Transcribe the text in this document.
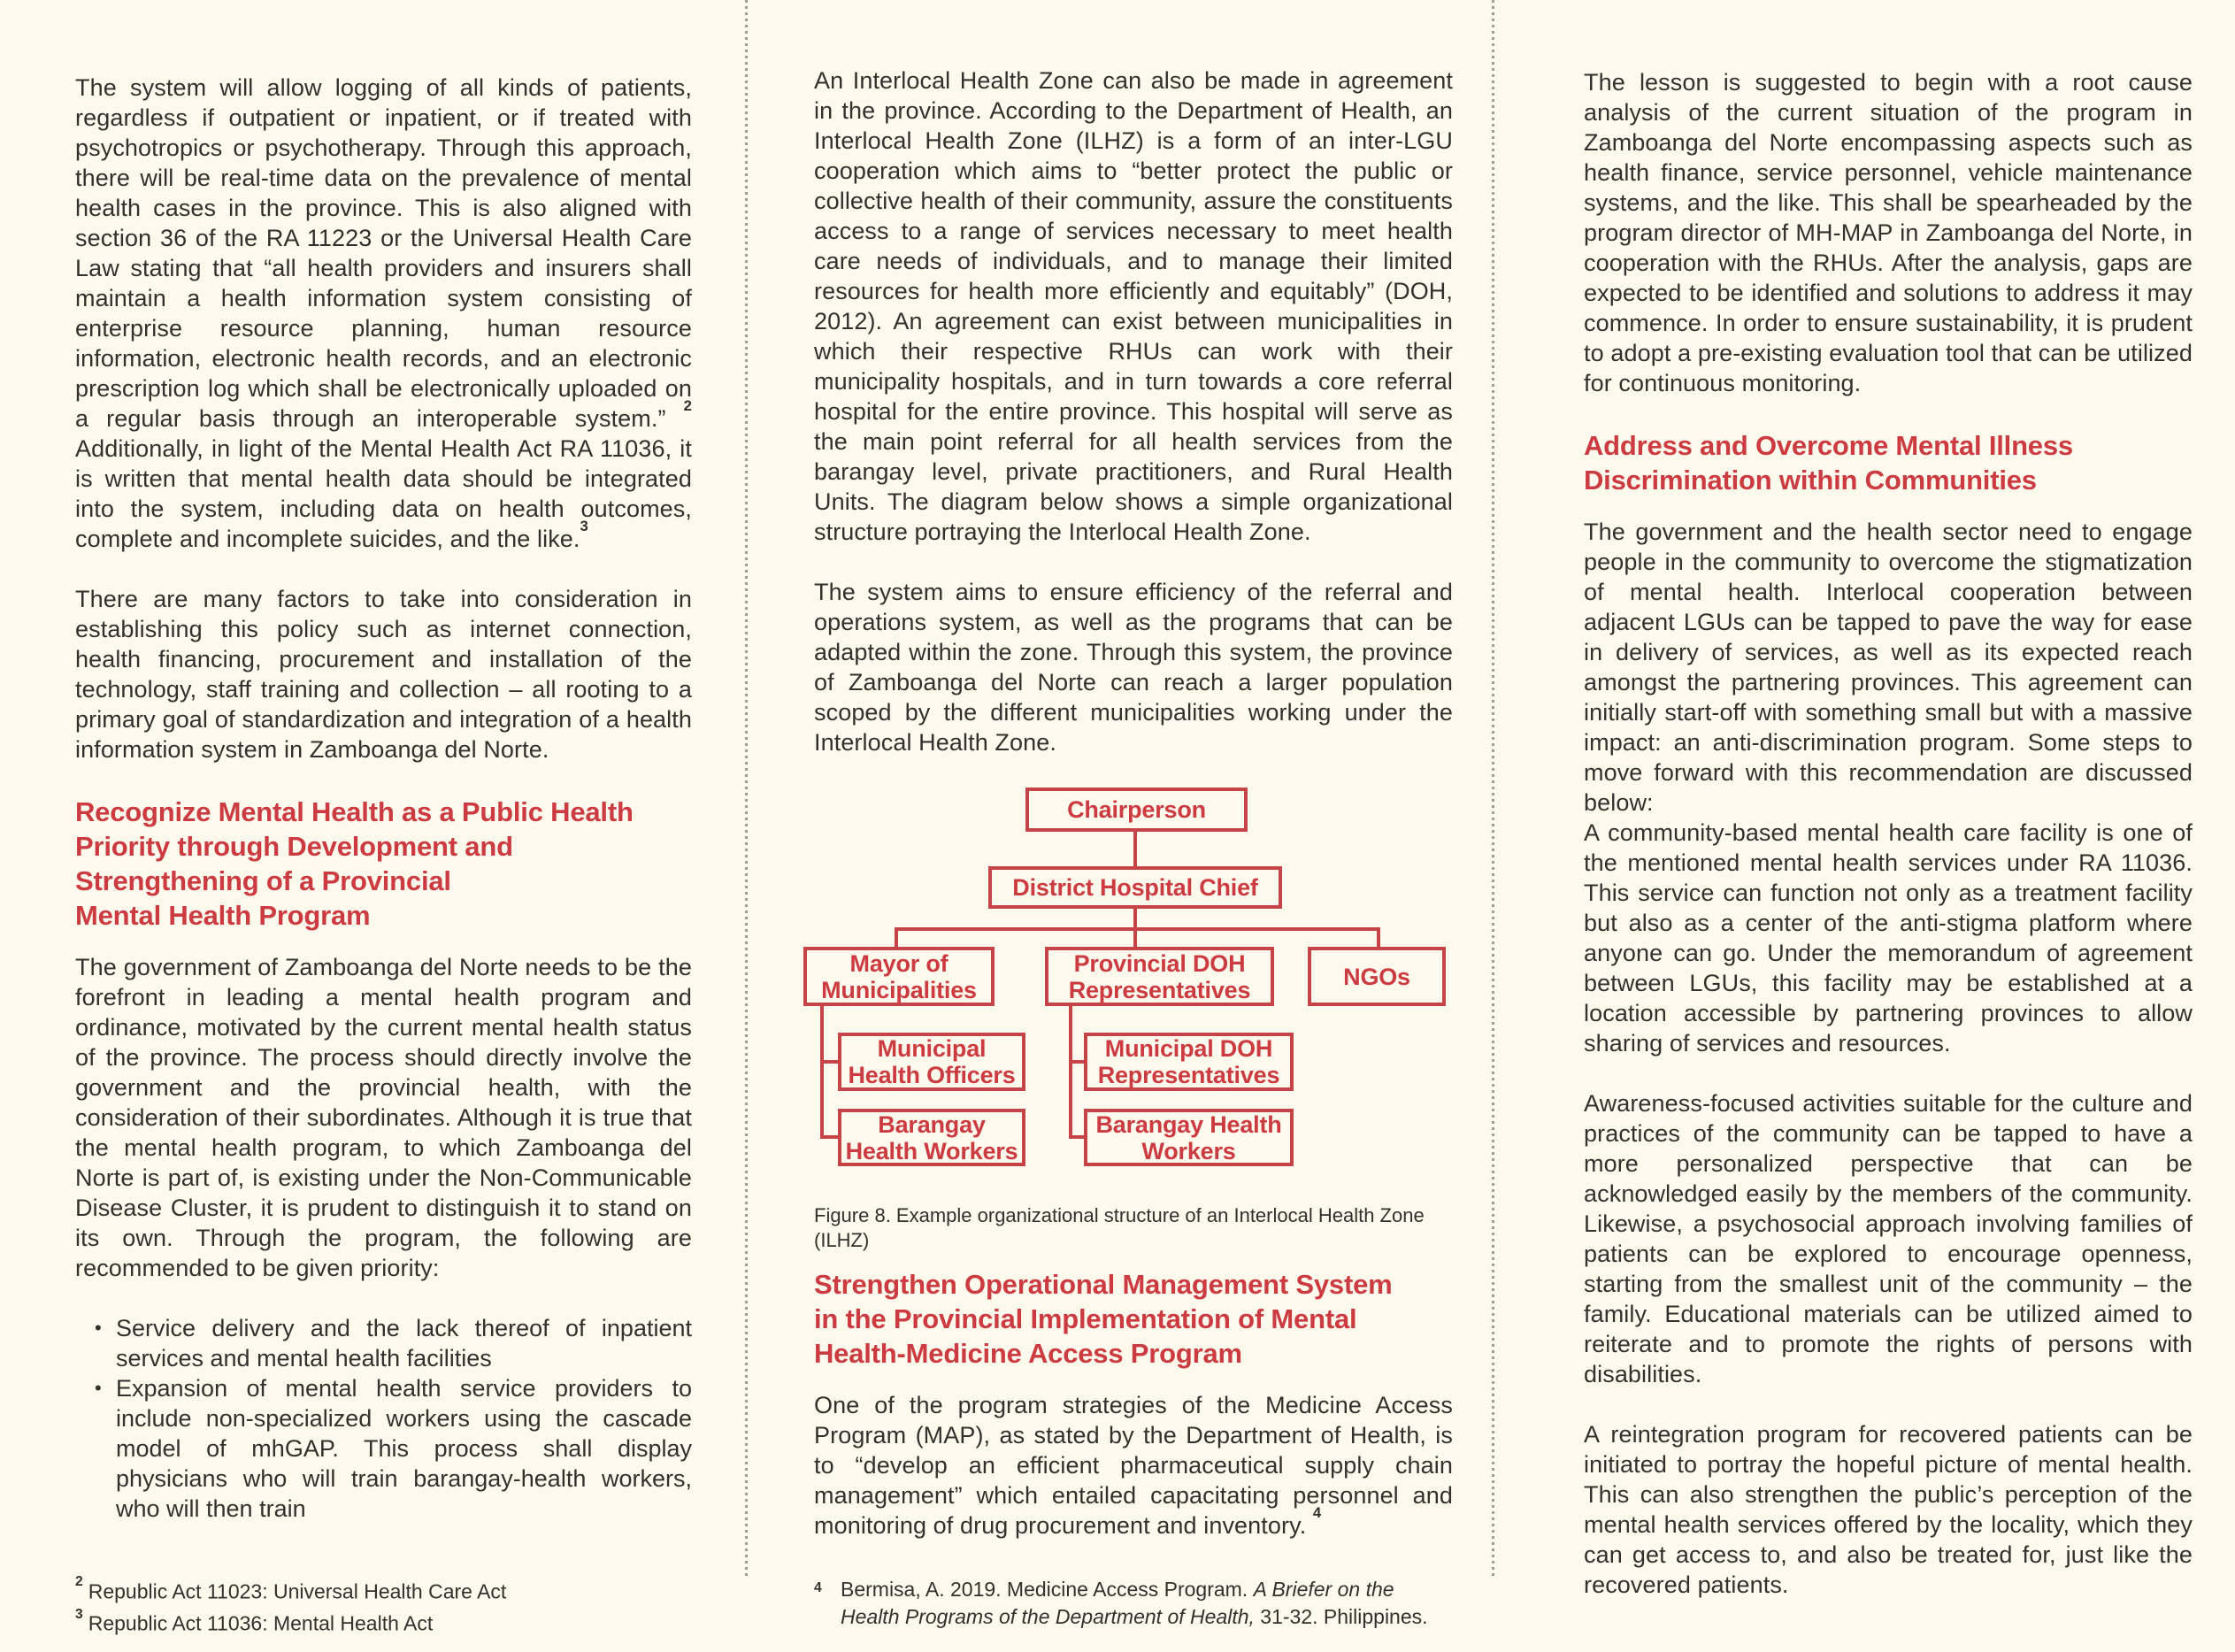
The system will allow logging of all kinds of patients, regardless if outpatient or inpatient, or if treated with psychotropics or psychotherapy. Through this approach, there will be real-time data on the prevalence of mental health cases in the province. This is also aligned with section 36 of the RA 11223 or the Universal Health Care Law stating that “all health providers and insurers shall maintain a health information system consisting of enterprise resource planning, human resource information, electronic health records, and an electronic prescription log which shall be electronically uploaded on a regular basis through an interoperable system.” $^2$ Additionally, in light of the Mental Health Act RA 11036, it is written that mental health data should be integrated into the system, including data on health outcomes, complete and incomplete suicides, and the like.$^3$

There are many factors to take into consideration in establishing this policy such as internet connection, health financing, procurement and installation of the technology, staff training and collection – all rooting to a primary goal of standardization and integration of a health information system in Zamboanga del Norte.

Recognize Mental Health as a Public Health
Priority through Development and
Strengthening of a Provincial
Mental Health Program

The government of Zamboanga del Norte needs to be the forefront in leading a mental health program and ordinance, motivated by the current mental health status of the province. The process should directly involve the government and the provincial health, with the consideration of their subordinates. Although it is true that the mental health program, to which Zamboanga del Norte is part of, is existing under the Non-Communicable Disease Cluster, it is prudent to distinguish it to stand on its own. Through the program, the following are recommended to be given priority:

• Service delivery and the lack thereof of inpatient services and mental health facilities
• Expansion of mental health service providers to include non-specialized workers using the cascade model of mhGAP. This process shall display physicians who will train barangay-health workers, who will then train
$^2$ Republic Act 11023: Universal Health Care Act
$^3$ Republic Act 11036: Mental Health Act

An Interlocal Health Zone can also be made in agreement in the province. According to the Department of Health, an Interlocal Health Zone (ILHZ) is a form of an inter-LGU cooperation which aims to “better protect the public or collective health of their community, assure the constituents access to a range of services necessary to meet health care needs of individuals, and to manage their limited resources for health more efficiently and equitably” (DOH, 2012). An agreement can exist between municipalities in which their respective RHUs can work with their municipality hospitals, and in turn towards a core referral hospital for the entire province. This hospital will serve as the main point referral for all health services from the barangay level, private practitioners, and Rural Health Units. The diagram below shows a simple organizational structure portraying the Interlocal Health Zone.

The system aims to ensure efficiency of the referral and operations system, as well as the programs that can be adapted within the zone. Through this system, the province of Zamboanga del Norte can reach a larger population scoped by the different municipalities working under the Interlocal Health Zone.

Chairperson
District Hospital Chief
Mayor of Municipalities
Provincial DOH Representatives	NGOs
Municipal Health Officers
Barangay Health Workers
Municipal DOH Representatives
Barangay Health Workers

Figure 8. Example organizational structure of an Interlocal Health Zone (ILHZ)

Strengthen Operational Management System
in the Provincial Implementation of Mental
Health-Medicine Access Program

One of the program strategies of the Medicine Access Program (MAP), as stated by the Department of Health, is to “develop an efficient pharmaceutical supply chain management” which entailed capacitating personnel and monitoring of drug procurement and inventory. $^4$

4 Bermisa, A. 2019. Medicine Access Program. A Briefer on the Health Programs of the Department of Health, 31-32. Philippines.

The lesson is suggested to begin with a root cause analysis of the current situation of the program in Zamboanga del Norte encompassing aspects such as health finance, service personnel, vehicle maintenance systems, and the like. This shall be spearheaded by the program director of MH-MAP in Zamboanga del Norte, in cooperation with the RHUs. After the analysis, gaps are expected to be identified and solutions to address it may commence. In order to ensure sustainability, it is prudent to adopt a pre-existing evaluation tool that can be utilized for continuous monitoring.

Address and Overcome Mental Illness
Discrimination within Communities

The government and the health sector need to engage people in the community to overcome the stigmatization of mental health. Interlocal cooperation between adjacent LGUs can be tapped to pave the way for ease in delivery of services, as well as its expected reach amongst the partnering provinces. This agreement can initially start-off with something small but with a massive impact: an anti-discrimination program. Some steps to move forward with this recommendation are discussed below:

A community-based mental health care facility is one of the mentioned mental health services under RA 11036. This service can function not only as a treatment facility but also as a center of the anti-stigma platform where anyone can go. Under the memorandum of agreement between LGUs, this facility may be established at a location accessible by partnering provinces to allow sharing of services and resources.

Awareness-focused activities suitable for the culture and practices of the community can be tapped to have a more personalized perspective that can be acknowledged easily by the members of the community. Likewise, a psychosocial approach involving families of patients can be explored to encourage openness, starting from the smallest unit of the community – the family. Educational materials can be utilized aimed to reiterate and to promote the rights of persons with disabilities.

A reintegration program for recovered patients can be initiated to portray the hopeful picture of mental health. This can also strengthen the public’s perception of the mental health services offered by the locality, which they can get access to, and also be treated for, just like the recovered patients.
